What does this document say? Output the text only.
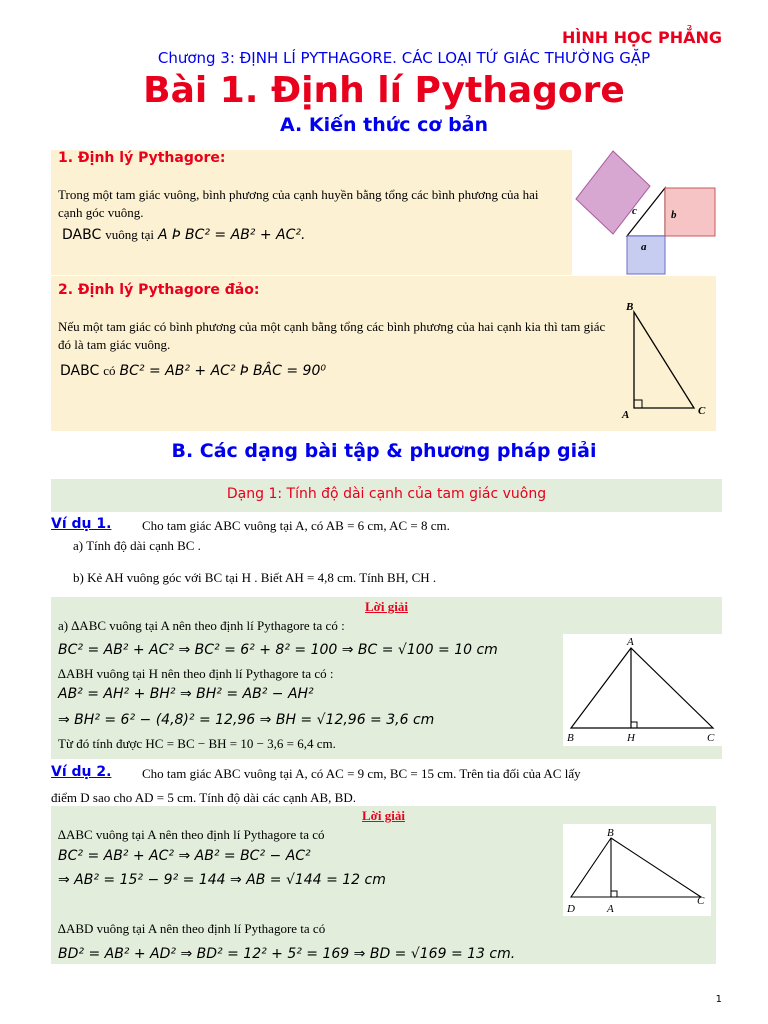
HÌNH HỌC PHẲNG
Chương 3: ĐỊNH LÍ PYTHAGORE. CÁC LOẠI TỨ GIÁC THƯỜNG GẶP
Bài 1. Định lí Pythagore
A. Kiến thức cơ bản
1. Định lý Pythagore:
Trong một tam giác vuông, bình phương của cạnh huyền bằng tổng các bình phương của hai cạnh góc vuông.
DABC vuông tại A Þ BC² = AB² + AC².
c	b
a
2. Định lý Pythagore đảo:
Nếu một tam giác có bình phương của một cạnh bằng tổng các bình phương của hai cạnh kia thì tam giác đó là tam giác vuông.
DABC có BC² = AB² + AC² Þ BÂC = 90⁰
B
A	C
B. Các dạng bài tập & phương pháp giải
Dạng 1: Tính độ dài cạnh của tam giác vuông
Ví dụ 1. Cho tam giác ABC vuông tại A, có AB = 6 cm, AC = 8 cm.
a) Tính độ dài cạnh BC .
b) Kẻ AH vuông góc với BC tại H . Biết AH = 4,8 cm. Tính BH, CH .
Lời giải
a) ∆ABC vuông tại A nên theo định lí Pythagore ta có :
BC² = AB² + AC² ⇒ BC² = 6² + 8² = 100 ⇒ BC = √100 = 10 cm
∆ABH vuông tại H nên theo định lí Pythagore ta có :
AB² = AH² + BH² ⇒ BH² = AB² − AH²
⇒ BH² = 6² − (4,8)² = 12,96 ⇒ BH = √12,96 = 3,6 cm
Từ đó tính được HC = BC − BH = 10 − 3,6 = 6,4 cm.
A
B	H	C
Ví dụ 2. Cho tam giác ABC vuông tại A, có AC = 9 cm, BC = 15 cm. Trên tia đối của AC lấy
điểm D sao cho AD = 5 cm. Tính độ dài các cạnh AB, BD.
Lời giải
∆ABC vuông tại A nên theo định lí Pythagore ta có
BC² = AB² + AC² ⇒ AB² = BC² − AC²
⇒ AB² = 15² − 9² = 144 ⇒ AB = √144 = 12 cm
∆ABD vuông tại A nên theo định lí Pythagore ta có
BD² = AB² + AD² ⇒ BD² = 12² + 5² = 169 ⇒ BD = √169 = 13 cm.
B
D	A
C
1
